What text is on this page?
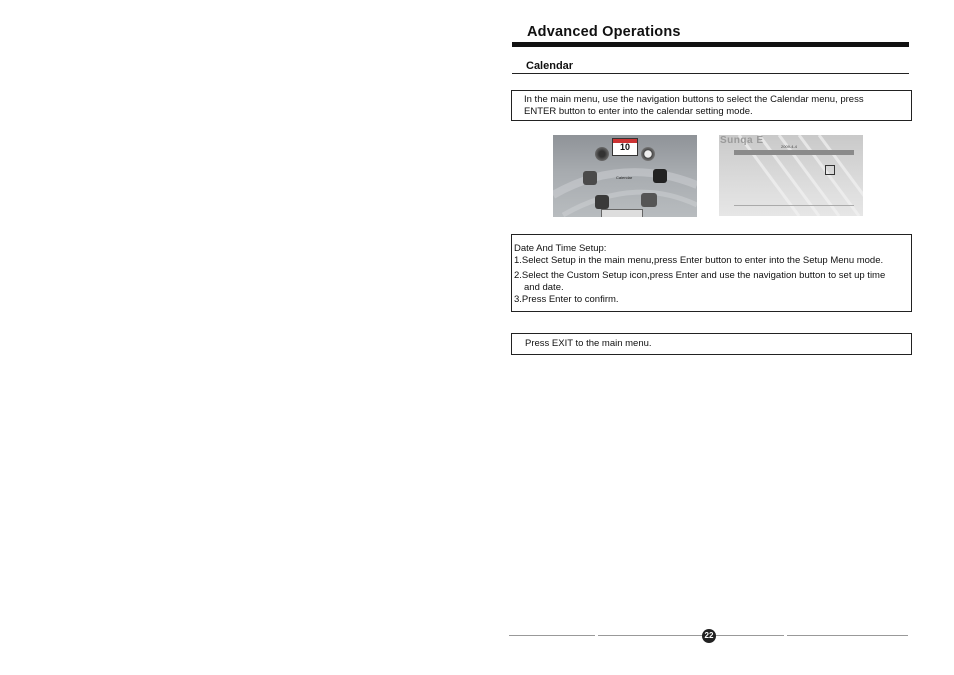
Advanced Operations
Calendar
In the main menu, use the navigation buttons to select the Calendar menu, press
ENTER button to enter into the calendar setting mode.
10
Calendar
Sunqa E
2009-4-4
Date And Time Setup:
1.Select Setup in the main menu,press Enter button to enter into the Setup Menu mode.
2.Select the Custom Setup icon,press Enter and use the navigation button to set up time
and date.
3.Press Enter to confirm.
Press EXIT to the main menu.
22
